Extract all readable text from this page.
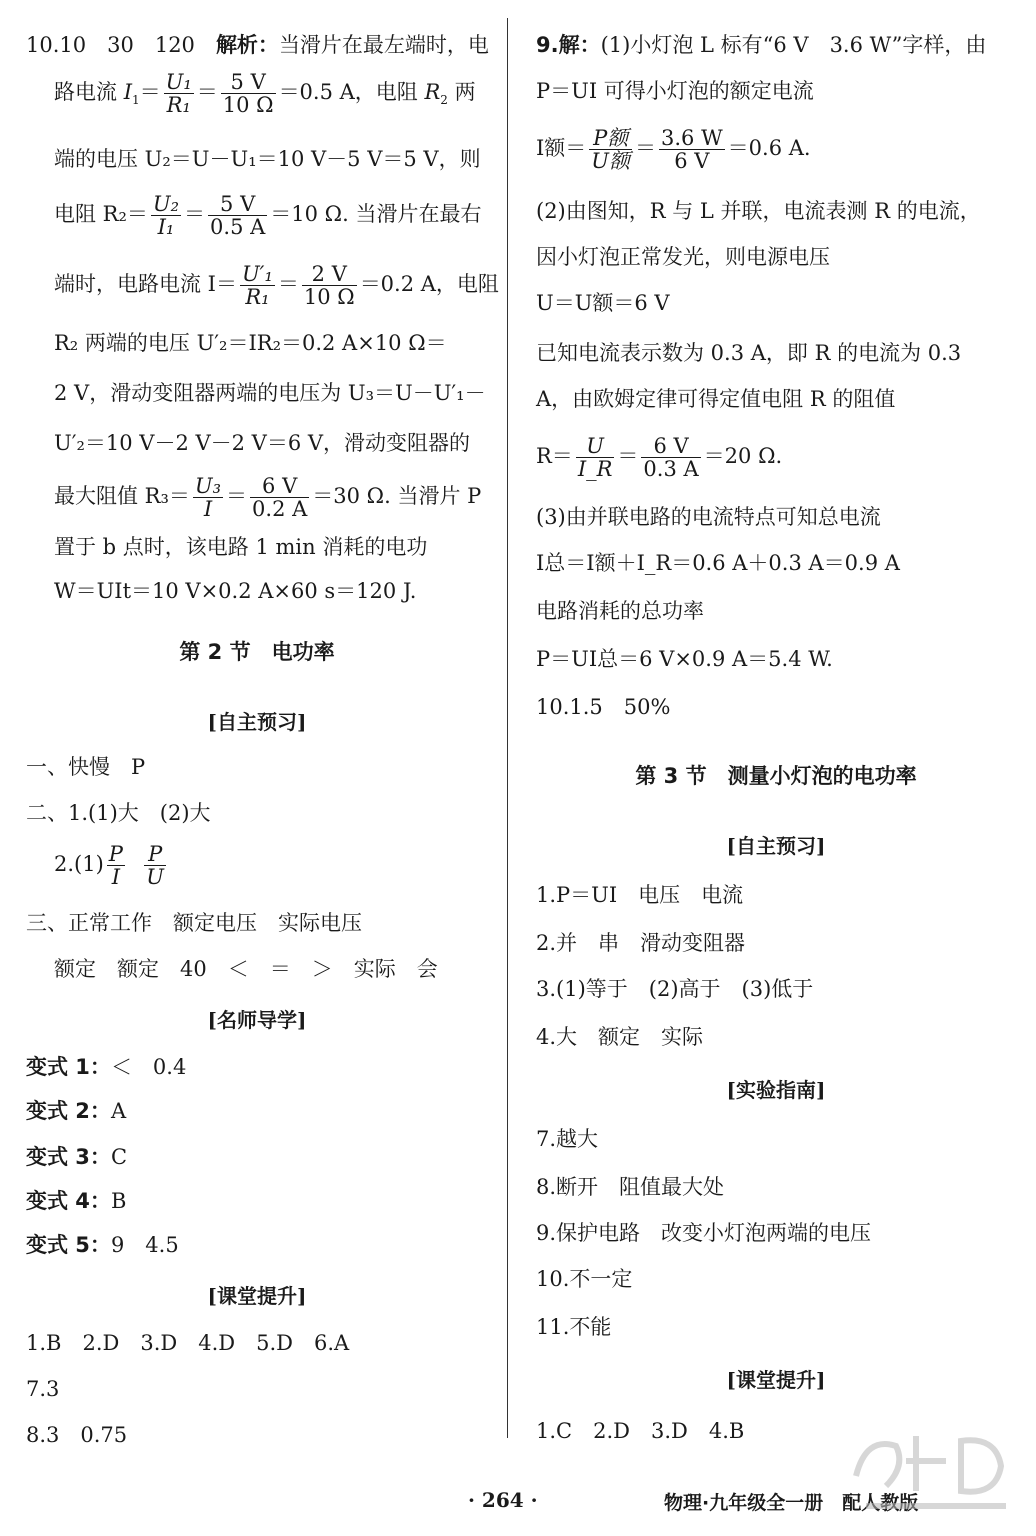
10.10　30　120　解析：当滑片在最左端时，电
路电流 $I_1= \frac{\text{U₁}}{\text{R₁}} = \frac{5 V}{10 \Omega} =0.5$ A，电阻 $R_2$ 两
端的电压 U₂＝U－U₁＝10 V－5 V＝5 V，则
电阻 $R_2= \frac{\text{U₂}}{\text{I₁}} = \frac{5 V}{0.5 A} =10$ Ω. 当滑片在最右
端时，电路电流 $I= \frac{\text{U′₁}}{\text{R₁}} = \frac{2 V}{10 \Omega} =0.2$ A，电阻
R₂ 两端的电压 U′₂＝IR₂＝0.2 A×10 Ω＝
2 V，滑动变阻器两端的电压为 U₃＝U－U′₁－
U′₂＝10 V－2 V－2 V＝6 V，滑动变阻器的
最大阻值 $R_3= \frac{\text{U₃}}{I} = \frac{6 V}{0.2 A} =30$ Ω. 当滑片 P
置于 b 点时，该电路 1 min 消耗的电功
W＝UIt＝10 V×0.2 A×60 s＝120 J.
第 2 节　电功率
[自主预习]
一、快慢　P
二、1.(1)大　(2)大
$2.(1) \frac{P}{I}$
$\frac{P}{U}$
三、正常工作　额定电压　实际电压
额定　额定　40　＜　＝　＞　实际　会
[名师导学]
变式 1：＜　0.4
变式 2：A
变式 3：C
变式 4：B
变式 5：9　4.5
[课堂提升]
1.B　2.D　3.D　4.D　5.D　6.A
7.3
8.3　0.75
9.解：(1)小灯泡 L 标有“6 V　3.6 W”字样，由
P＝UI 可得小灯泡的额定电流
I额＝ $\frac{\text{P额}}{\text{U额}} = \frac{3.6 W}{6 V} =0.6$ A.
(2)由图知，R 与 L 并联，电流表测 R 的电流，
因小灯泡正常发光，则电源电压
U＝U额＝6 V
已知电流表示数为 0.3 A，即 R 的电流为 0.3
A，由欧姆定律可得定值电阻 R 的阻值
$R= \frac{U}{I\_R} = \frac{6 V}{0.3 A} =20$ Ω.
(3)由并联电路的电流特点可知总电流
I总＝I额＋I_R＝0.6 A＋0.3 A＝0.9 A
电路消耗的总功率
P＝UI总＝6 V×0.9 A＝5.4 W.
10.1.5　50%
第 3 节　测量小灯泡的电功率
[自主预习]
1.P＝UI　电压　电流
2.并　串　滑动变阻器
3.(1)等于　(2)高于　(3)低于
4.大　额定　实际
[实验指南]
7.越大
8.断开　阻值最大处
9.保护电路　改变小灯泡两端的电压
10.不一定
11.不能
[课堂提升]
1.C　2.D　3.D　4.B
· 264 ·	物理·九年级全一册　配人教版
